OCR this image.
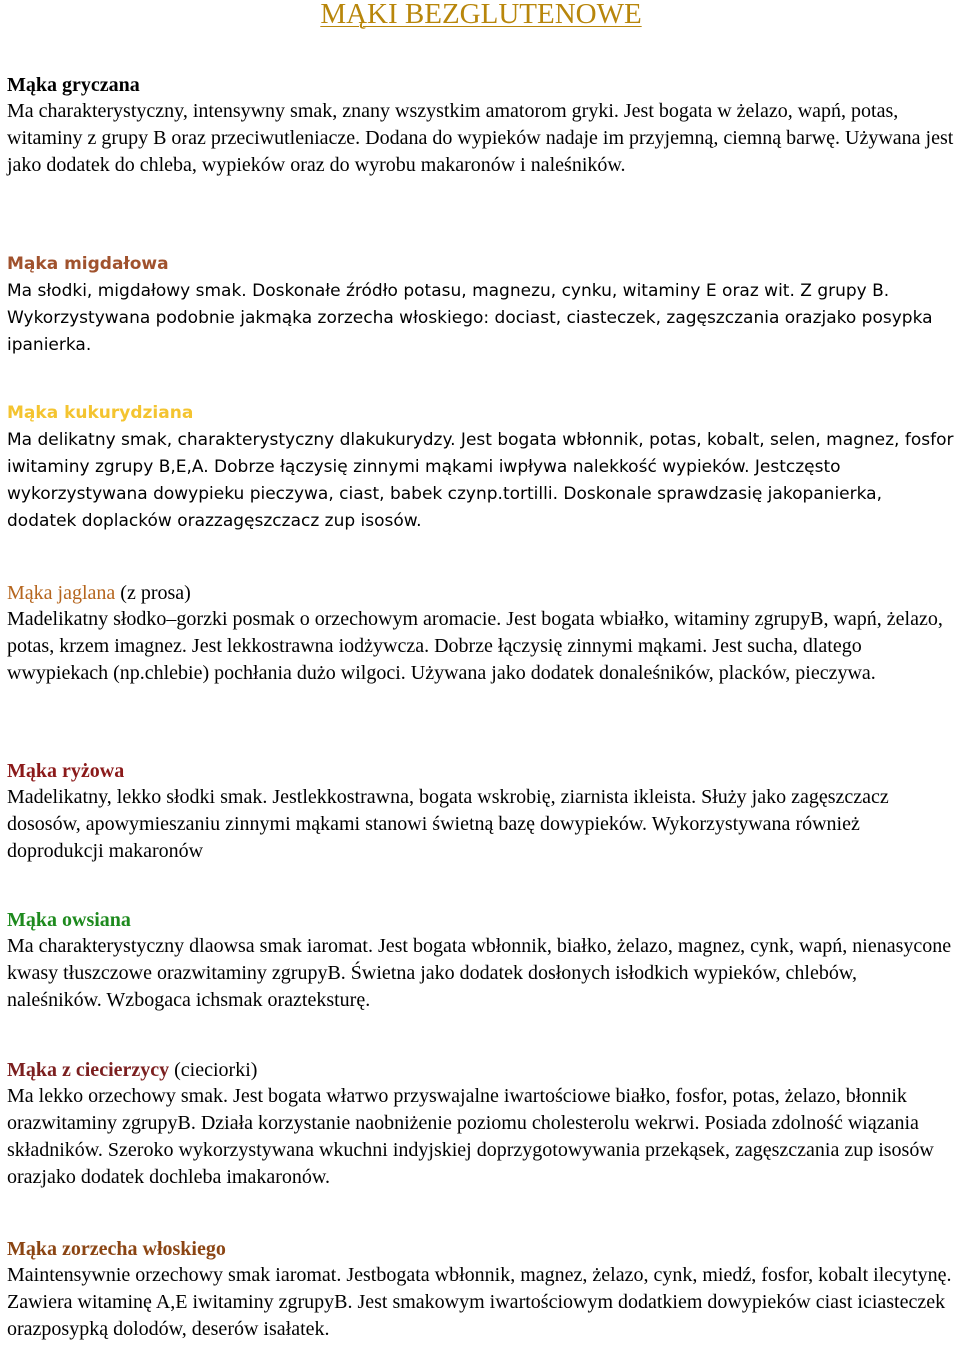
MĄKI BEZGLUTENOWE

Mąka gryczana

Ma charakterystyczny, intensywny smak, znany wszystkim amatorom gryki. Jest bogata w żelazo, wapń, potas, witaminy z grupy B oraz przeciwutleniacze. Dodana do wypieków nadaje im przyjemną, ciemną barwę. Używana jest jako dodatek do chleba, wypieków oraz do wyrobu makaronów i naleśników.

Mąka migdałowa

Ma słodki, migdałowy smak. Doskonałe źródło potasu, magnezu, cynku, witaminy E oraz wit. Z grupy B. Wykorzystywana podobnie jakmąka zorzecha włoskiego: dociast, ciasteczek, zagęszczania orazjako posypka ipanierka.

Mąka kukurydziana

Ma delikatny smak, charakterystyczny dlakukurydzy. Jest bogata wbłonnik, potas, kobalt, selen, magnez, fosfor iwitaminy zgrupy B,E,A. Dobrze łączysię zinnymi mąkami iwpływa nalekkość wypieków. Jestczęsto wykorzystywana dowypieku pieczywa, ciast, babek czynp.tortilli. Doskonale sprawdzasię jakopanierka, dodatek doplacków orazzagęszczacz zup isosów.

Mąka jaglana (z prosa)

Madelikatny słodko–gorzki posmak o orzechowym aromacie. Jest bogata wbiałko, witaminy zgrupyB, wapń, żelazo, potas, krzem imagnez. Jest lekkostrawna iodżywcza. Dobrze łączysię zinnymi mąkami. Jest sucha, dlatego wwypiekach (np.chlebie) pochłania dużo wilgoci. Używana jako dodatek donaleśników, placków, pieczywa.

Mąka ryżowa

Madelikatny, lekko słodki smak. Jestlekkostrawna, bogata wskrobię, ziarnista ikleista. Służy jako zagęszczacz dososów, apowymieszaniu zinnymi mąkami stanowi świetną bazę dowypieków. Wykorzystywana również doprodukcji makaronów

Mąka owsiana

Ma charakterystyczny dlaowsa smak iaromat. Jest bogata wbłonnik, białko, żelazo, magnez, cynk, wapń, nienasycone kwasy tłuszczowe orazwitaminy zgrupyB. Świetna jako dodatek dosłonych isłodkich wypieków, chlebów, naleśników. Wzbogaca ichsmak orazteksturę.

Mąka z ciecierzycy (cieciorki)

Ma lekko orzechowy smak. Jest bogata właтwo przyswajalne iwartościowe białko, fosfor, potas, żelazo, błonnik orazwitaminy zgrupyB. Działa korzystanie naobniżenie poziomu cholesterolu wekrwi. Posiada zdolność wiązania składników. Szeroko wykorzystywana wkuchni indyjskiej doprzygotowywania przekąsek, zagęszczania zup isosów orazjako dodatek dochleba imakaronów.

Mąka zorzecha włoskiego

Maintensywnie orzechowy smak iaromat. Jestbogata wbłonnik, magnez, żelazo, cynk, miedź, fosfor, kobalt ilecytynę. Zawiera witaminę A,E iwitaminy zgrupyB. Jest smakowym iwartościowym dodatkiem dowypieków ciast iciasteczek orazposypką dolodów, deserów isałatek.
